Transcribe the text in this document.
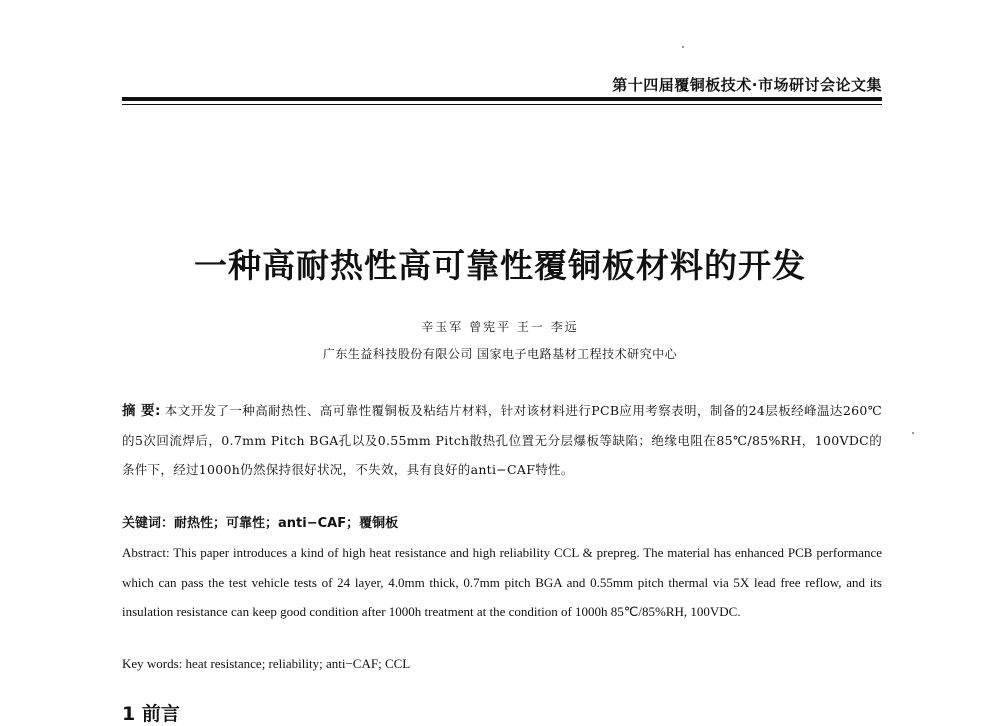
第十四届覆铜板技术·市场研讨会论文集
一种高耐热性高可靠性覆铜板材料的开发
辛玉军 曾宪平 王一 李远
广东生益科技股份有限公司 国家电子电路基材工程技术研究中心
摘 要: 本文开发了一种高耐热性、高可靠性覆铜板及粘结片材料，针对该材料进行PCB应用考察表明，制备的24层板经峰温达260℃的5次回流焊后，0.7mm Pitch BGA孔以及0.55mm Pitch散热孔位置无分层爆板等缺陷；绝缘电阻在85℃/85%RH，100VDC的条件下，经过1000h仍然保持很好状况，不失效，具有良好的anti−CAF特性。
关键词：耐热性；可靠性；anti−CAF；覆铜板
Abstract: This paper introduces a kind of high heat resistance and high reliability CCL & prepreg. The material has enhanced PCB performance which can pass the test vehicle tests of 24 layer, 4.0mm thick, 0.7mm pitch BGA and 0.55mm pitch thermal via 5X lead free reflow, and its insulation resistance can keep good condition after 1000h treatment at the condition of 1000h 85℃/85%RH, 100VDC.
Key words: heat resistance; reliability; anti−CAF; CCL
1 前言
